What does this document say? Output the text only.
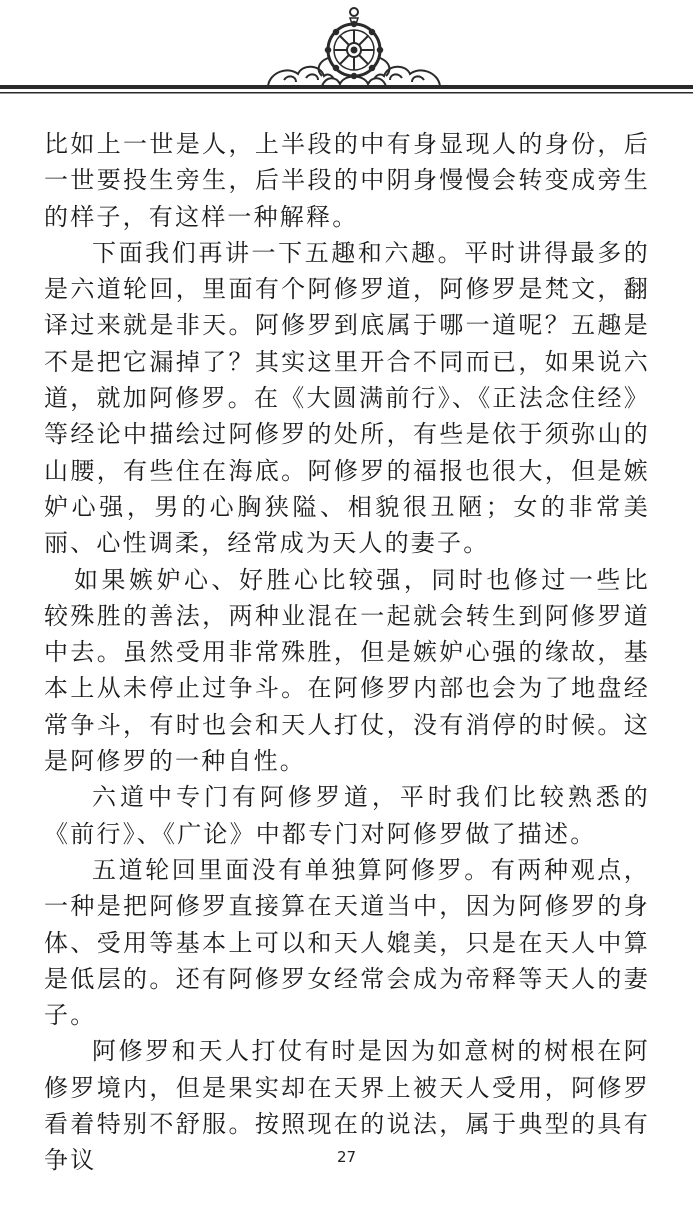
比如上一世是人，上半段的中有身显现人的身份，后一世要投生旁生，后半段的中阴身慢慢会转变成旁生的样子，有这样一种解释。

下面我们再讲一下五趣和六趣。平时讲得最多的是六道轮回，里面有个阿修罗道，阿修罗是梵文，翻译过来就是非天。阿修罗到底属于哪一道呢？五趣是不是把它漏掉了？其实这里开合不同而已，如果说六道，就加阿修罗。在《大圆满前行》、《正法念住经》等经论中描绘过阿修罗的处所，有些是依于须弥山的山腰，有些住在海底。阿修罗的福报也很大，但是嫉妒心强，男的心胸狭隘、相貌很丑陋；女的非常美丽、心性调柔，经常成为天人的妻子。

如果嫉妒心、好胜心比较强，同时也修过一些比较殊胜的善法，两种业混在一起就会转生到阿修罗道中去。虽然受用非常殊胜，但是嫉妒心强的缘故，基本上从未停止过争斗。在阿修罗内部也会为了地盘经常争斗，有时也会和天人打仗，没有消停的时候。这是阿修罗的一种自性。

六道中专门有阿修罗道，平时我们比较熟悉的《前行》、《广论》中都专门对阿修罗做了描述。

五道轮回里面没有单独算阿修罗。有两种观点，一种是把阿修罗直接算在天道当中，因为阿修罗的身体、受用等基本上可以和天人媲美，只是在天人中算是低层的。还有阿修罗女经常会成为帝释等天人的妻子。

阿修罗和天人打仗有时是因为如意树的树根在阿修罗境内，但是果实却在天界上被天人受用，阿修罗看着特别不舒服。按照现在的说法，属于典型的具有争议	27
